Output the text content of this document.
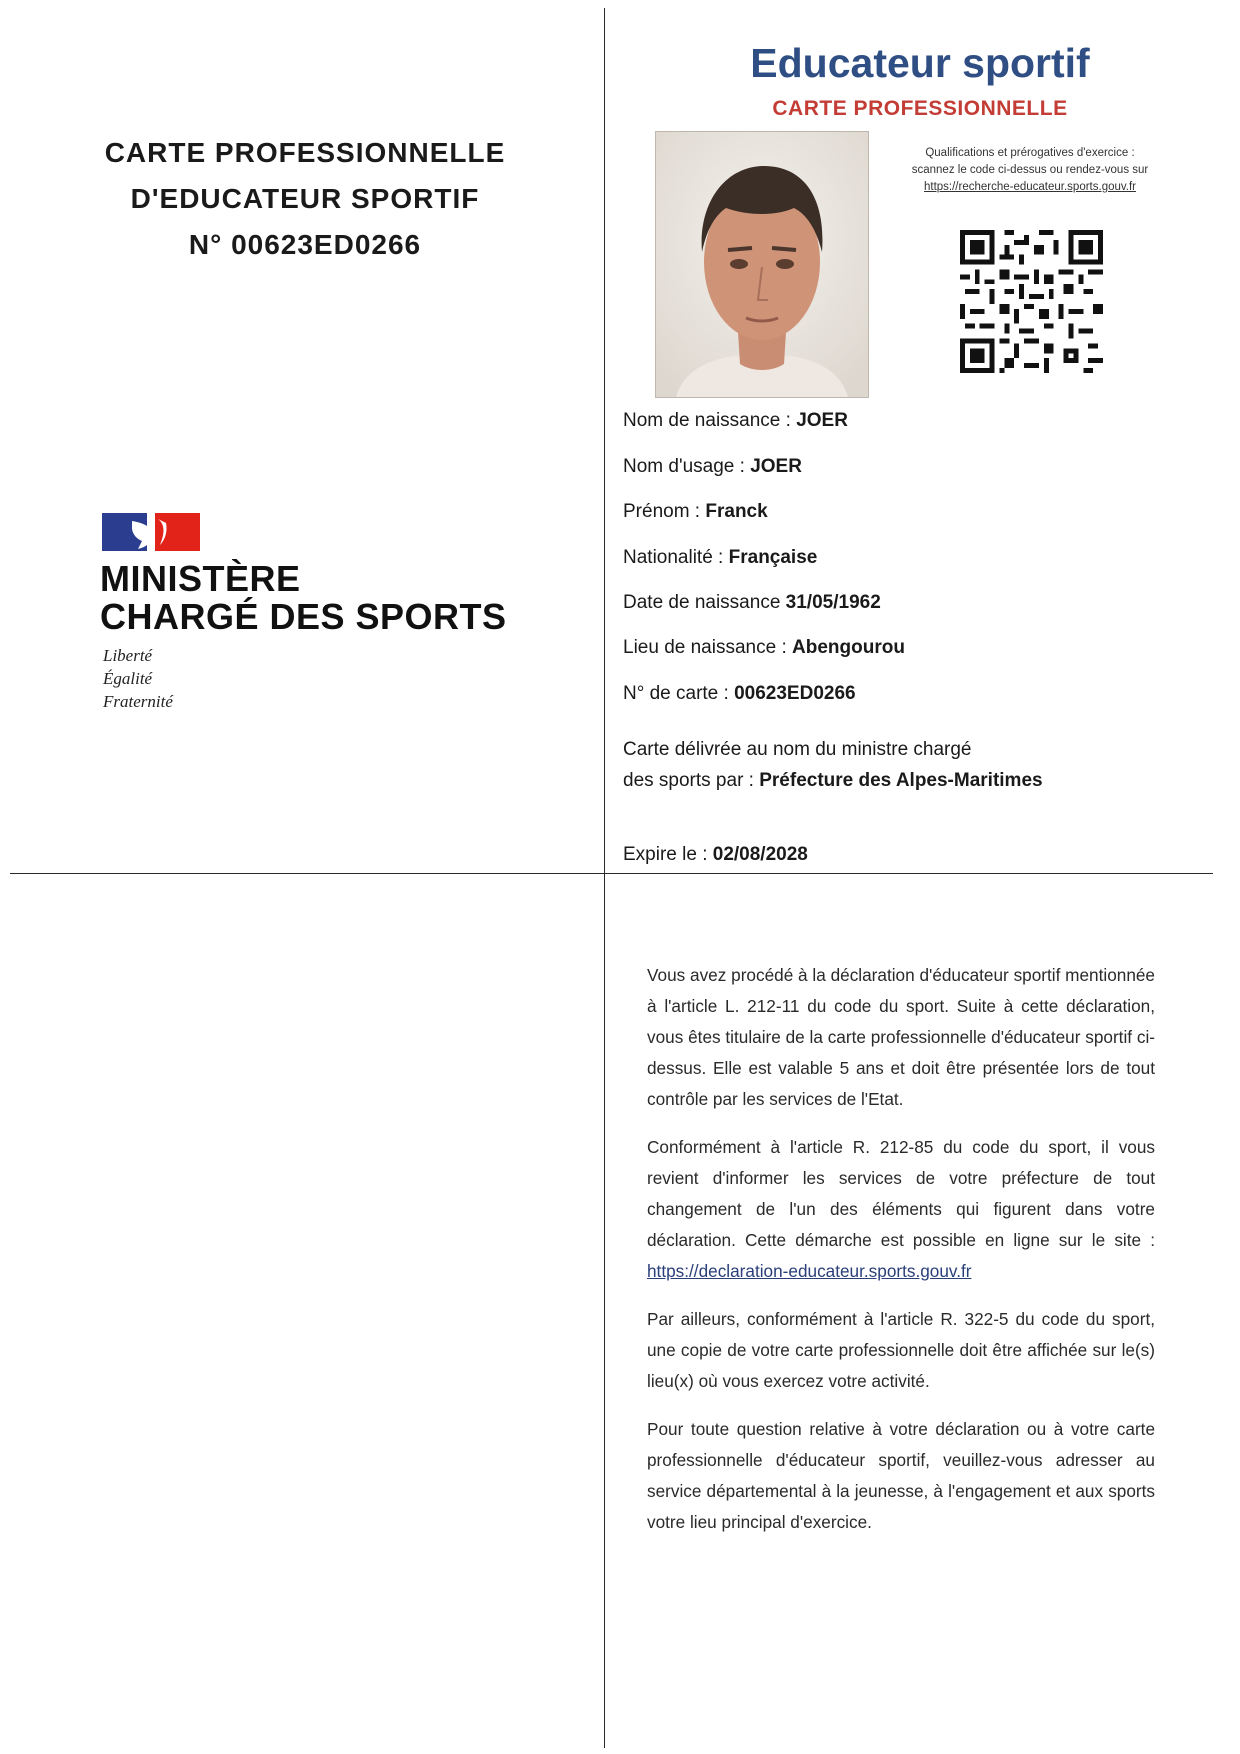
CARTE PROFESSIONNELLE
D'EDUCATEUR SPORTIF
N° 00623ED0266
MINISTÈRE
CHARGÉ DES SPORTS
Liberté
Égalité
Fraternité
Educateur sportif
CARTE PROFESSIONNELLE
Qualifications et prérogatives d'exercice :
scannez le code ci-dessus ou rendez-vous sur
https://recherche-educateur.sports.gouv.fr
Nom de naissance : JOER
Nom d'usage : JOER
Prénom : Franck
Nationalité : Française
Date de naissance 31/05/1962
Lieu de naissance : Abengourou
N° de carte : 00623ED0266
Carte délivrée au nom du ministre chargé
des sports par : Préfecture des Alpes-Maritimes
Expire le : 02/08/2028

Vous avez procédé à la déclaration d'éducateur sportif mentionnée à l'article L. 212-11 du code du sport. Suite à cette déclaration, vous êtes titulaire de la carte professionnelle d'éducateur sportif ci-dessus. Elle est valable 5 ans et doit être présentée lors de tout contrôle par les services de l'Etat.

Conformément à l'article R. 212-85 du code du sport, il vous revient d'informer les services de votre préfecture de tout changement de l'un des éléments qui figurent dans votre déclaration. Cette démarche est possible en ligne sur le site : https://declaration-educateur.sports.gouv.fr

Par ailleurs, conformément à l'article R. 322-5 du code du sport, une copie de votre carte professionnelle doit être affichée sur le(s) lieu(x) où vous exercez votre activité.

Pour toute question relative à votre déclaration ou à votre carte professionnelle d'éducateur sportif, veuillez-vous adresser au service départemental à la jeunesse, à l'engagement et aux sports votre lieu principal d'exercice.
